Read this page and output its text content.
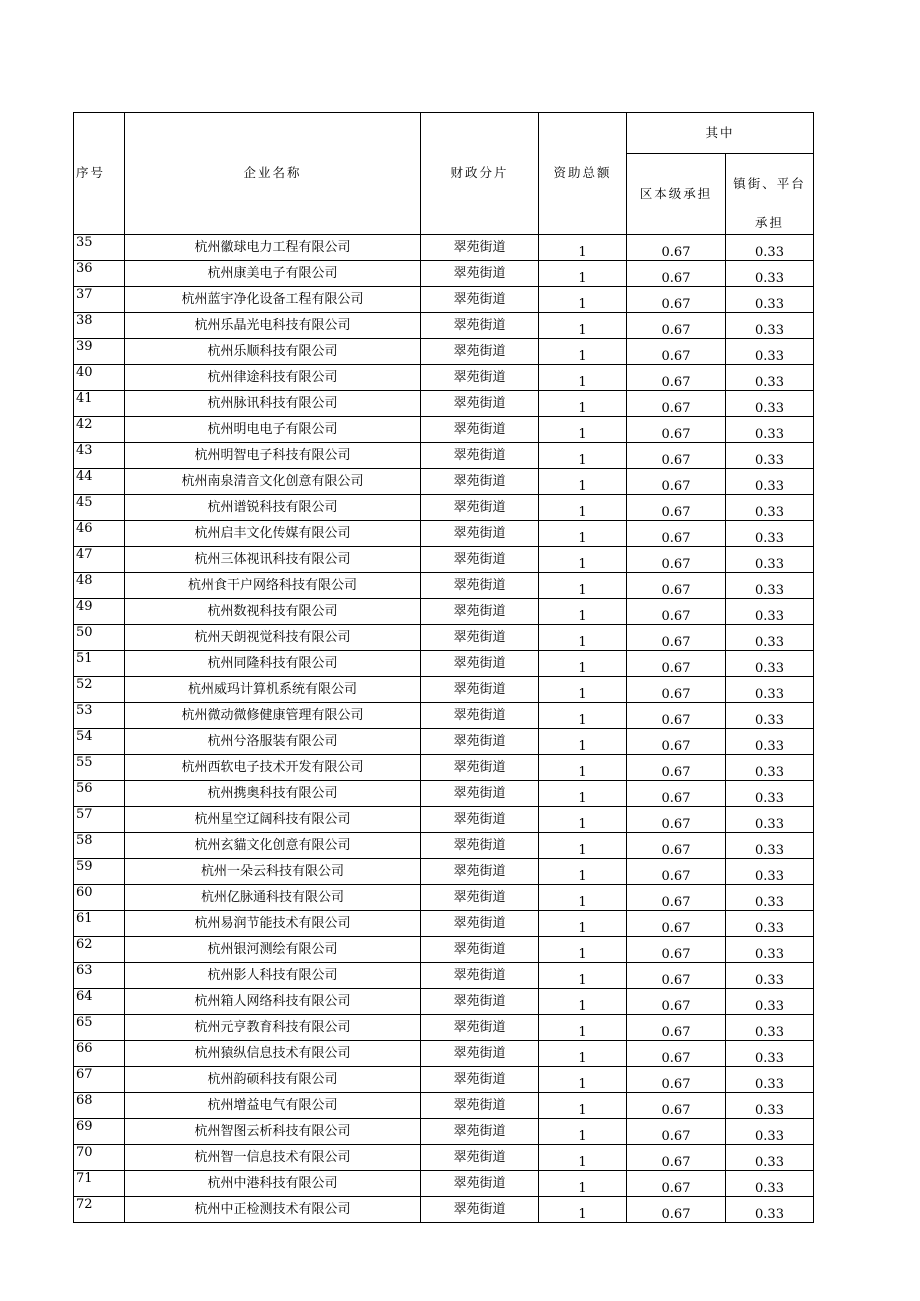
序号	企业名称	财政分片	资助总额	其中	
				区本级承担	镇街、平台
承担

35	杭州徽球电力工程有限公司	翠苑街道	1	0.67	0.33
36	杭州康美电子有限公司	翠苑街道	1	0.67	0.33
37	杭州蓝宇净化设备工程有限公司	翠苑街道	1	0.67	0.33
38	杭州乐晶光电科技有限公司	翠苑街道	1	0.67	0.33
39	杭州乐顺科技有限公司	翠苑街道	1	0.67	0.33
40	杭州律途科技有限公司	翠苑街道	1	0.67	0.33
41	杭州脉讯科技有限公司	翠苑街道	1	0.67	0.33
42	杭州明电电子有限公司	翠苑街道	1	0.67	0.33
43	杭州明智电子科技有限公司	翠苑街道	1	0.67	0.33
44	杭州南泉清音文化创意有限公司	翠苑街道	1	0.67	0.33
45	杭州谱锐科技有限公司	翠苑街道	1	0.67	0.33
46	杭州启丰文化传媒有限公司	翠苑街道	1	0.67	0.33
47	杭州三体视讯科技有限公司	翠苑街道	1	0.67	0.33
48	杭州食干户网络科技有限公司	翠苑街道	1	0.67	0.33
49	杭州数视科技有限公司	翠苑街道	1	0.67	0.33
50	杭州天朗视觉科技有限公司	翠苑街道	1	0.67	0.33
51	杭州同隆科技有限公司	翠苑街道	1	0.67	0.33
52	杭州威玛计算机系统有限公司	翠苑街道	1	0.67	0.33
53	杭州微动微修健康管理有限公司	翠苑街道	1	0.67	0.33
54	杭州兮洛服装有限公司	翠苑街道	1	0.67	0.33
55	杭州西软电子技术开发有限公司	翠苑街道	1	0.67	0.33
56	杭州携奥科技有限公司	翠苑街道	1	0.67	0.33
57	杭州星空辽阔科技有限公司	翠苑街道	1	0.67	0.33
58	杭州玄貓文化创意有限公司	翠苑街道	1	0.67	0.33
59	杭州一朵云科技有限公司	翠苑街道	1	0.67	0.33
60	杭州亿脉通科技有限公司	翠苑街道	1	0.67	0.33
61	杭州易润节能技术有限公司	翠苑街道	1	0.67	0.33
62	杭州银河测绘有限公司	翠苑街道	1	0.67	0.33
63	杭州影人科技有限公司	翠苑街道	1	0.67	0.33
64	杭州箱人网络科技有限公司	翠苑街道	1	0.67	0.33
65	杭州元亨教育科技有限公司	翠苑街道	1	0.67	0.33
66	杭州猿纵信息技术有限公司	翠苑街道	1	0.67	0.33
67	杭州韵硕科技有限公司	翠苑街道	1	0.67	0.33
68	杭州增益电气有限公司	翠苑街道	1	0.67	0.33
69	杭州智图云析科技有限公司	翠苑街道	1	0.67	0.33
70	杭州智一信息技术有限公司	翠苑街道	1	0.67	0.33
71	杭州中港科技有限公司	翠苑街道	1	0.67	0.33
72	杭州中正检测技术有限公司	翠苑街道	1	0.67	0.33
